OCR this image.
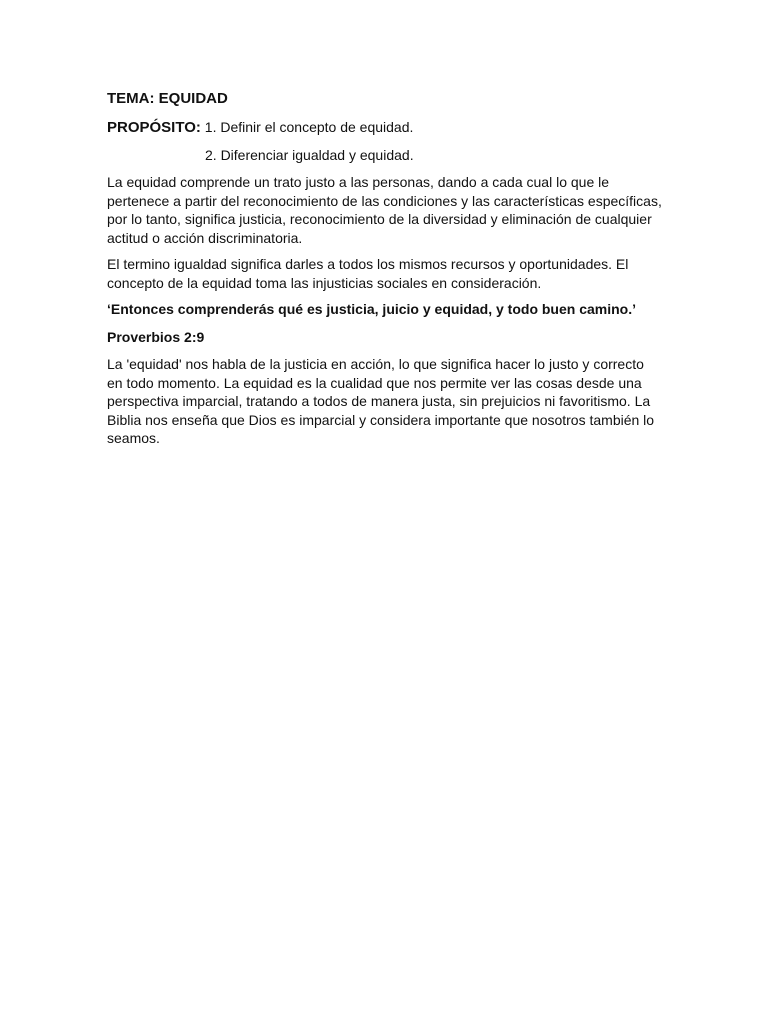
TEMA: EQUIDAD
PROPÓSITO: 1. Definir el concepto de equidad.
2. Diferenciar igualdad y equidad.

La equidad comprende un trato justo a las personas, dando a cada cual lo que le pertenece a partir del reconocimiento de las condiciones y las características específicas, por lo tanto, significa justicia, reconocimiento de la diversidad y eliminación de cualquier actitud o acción discriminatoria.

El termino igualdad significa darles a todos los mismos recursos y oportunidades. El concepto de la equidad toma las injusticias sociales en consideración.

‘Entonces comprenderás qué es justicia, juicio y equidad, y todo buen camino.’

Proverbios 2:9

La 'equidad' nos habla de la justicia en acción, lo que significa hacer lo justo y correcto en todo momento. La equidad es la cualidad que nos permite ver las cosas desde una perspectiva imparcial, tratando a todos de manera justa, sin prejuicios ni favoritismo. La Biblia nos enseña que Dios es imparcial y considera importante que nosotros también lo seamos.
